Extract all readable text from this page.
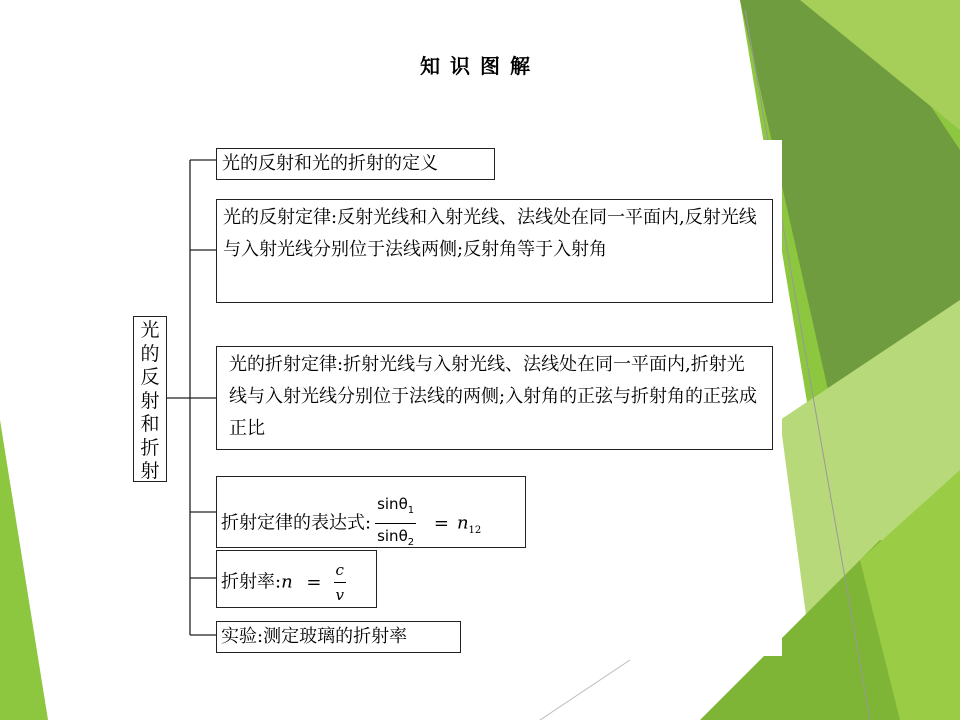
知识图解
光
的
反
射
和
折
射
光的反射和光的折射的定义
光的反射定律:反射光线和入射光线、法线处在同一平面内,反射光线与入射光线分别位于法线两侧;反射角等于入射角
光的折射定律:折射光线与入射光线、法线处在同一平面内,折射光线与入射光线分别位于法线的两侧;入射角的正弦与折射角的正弦成正比
折射定律的表达式: $\frac{\sin\theta_1}{\sin\theta_2} = n_{12}$
折射率:n = $\frac{c}{v}$
实验:测定玻璃的折射率
